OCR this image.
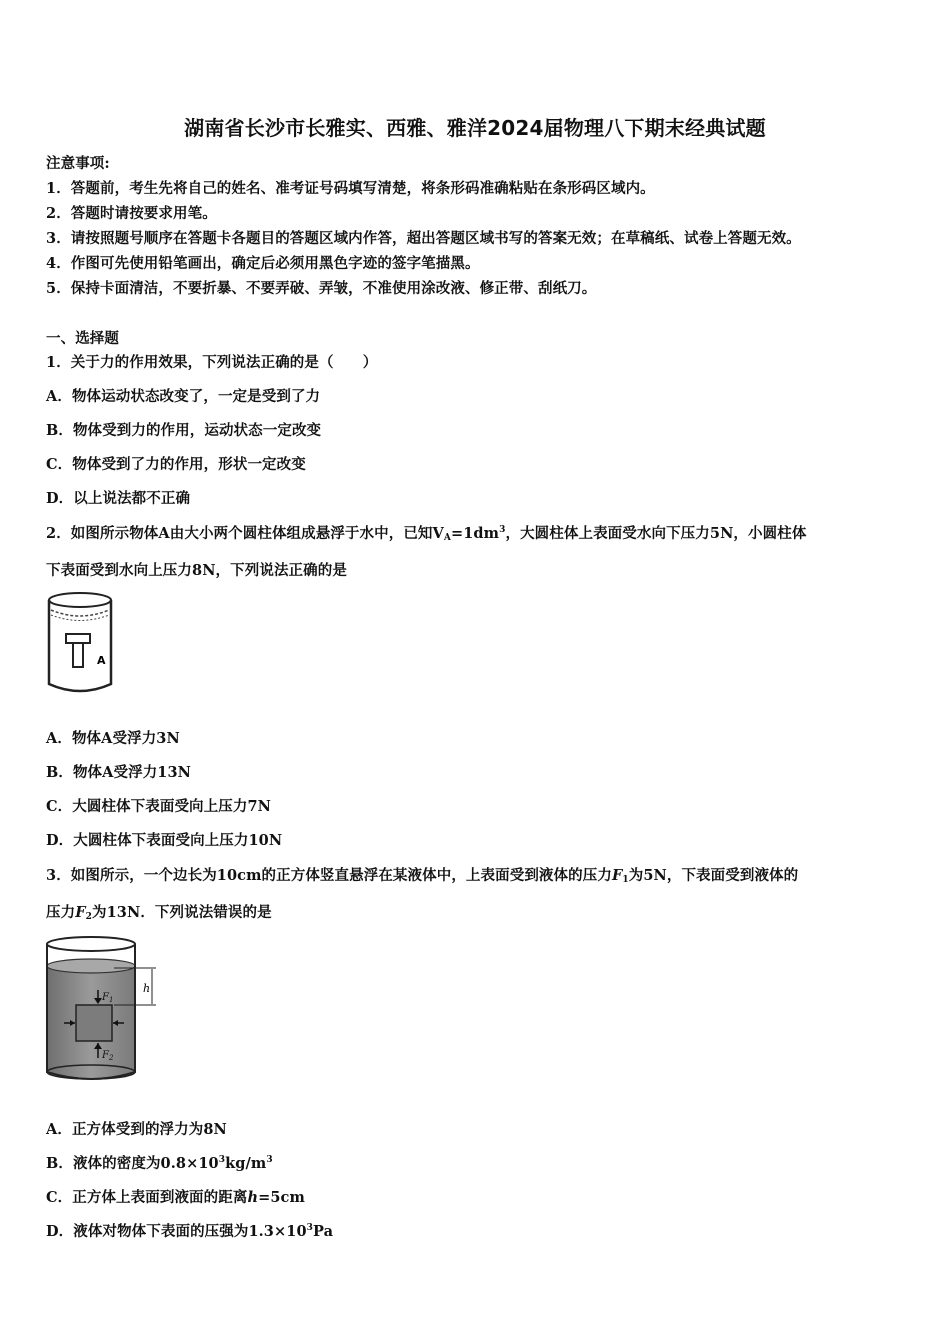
湖南省长沙市长雅实、西雅、雅洋2024届物理八下期末经典试题
注意事项:
1．答题前，考生先将自己的姓名、准考证号码填写清楚，将条形码准确粘贴在条形码区域内。
2．答题时请按要求用笔。
3．请按照题号顺序在答题卡各题目的答题区域内作答，超出答题区域书写的答案无效；在草稿纸、试卷上答题无效。
4．作图可先使用铅笔画出，确定后必须用黑色字迹的签字笔描黑。
5．保持卡面清洁，不要折暴、不要弄破、弄皱，不准使用涂改液、修正带、刮纸刀。
一、选择题
1．关于力的作用效果，下列说法正确的是（　　）
A．物体运动状态改变了，一定是受到了力
B．物体受到力的作用，运动状态一定改变
C．物体受到了力的作用，形状一定改变
D．以上说法都不正确
2．如图所示物体A由大小两个圆柱体组成悬浮于水中，已知$V_A=1dm^3$，大圆柱体上表面受水向下压力5N，小圆柱体
下表面受到水向上压力8N，下列说法正确的是
A
A．物体A受浮力3N
B．物体A受浮力13N
C．大圆柱体下表面受向上压力7N
D．大圆柱体下表面受向上压力10N
3．如图所示，一个边长为10cm的正方体竖直悬浮在某液体中，上表面受到液体的压力$F_1$为5N，下表面受到液体的
压力$F_2$为13N．下列说法错误的是
h
$F_1$
$F_2$
A．正方体受到的浮力为8N
B．液体的密度为$0.8\times 10^3kg/m^3$
C．正方体上表面到液面的距离h=5cm
D．液体对物体下表面的压强为$1.3\times 10^3Pa$
